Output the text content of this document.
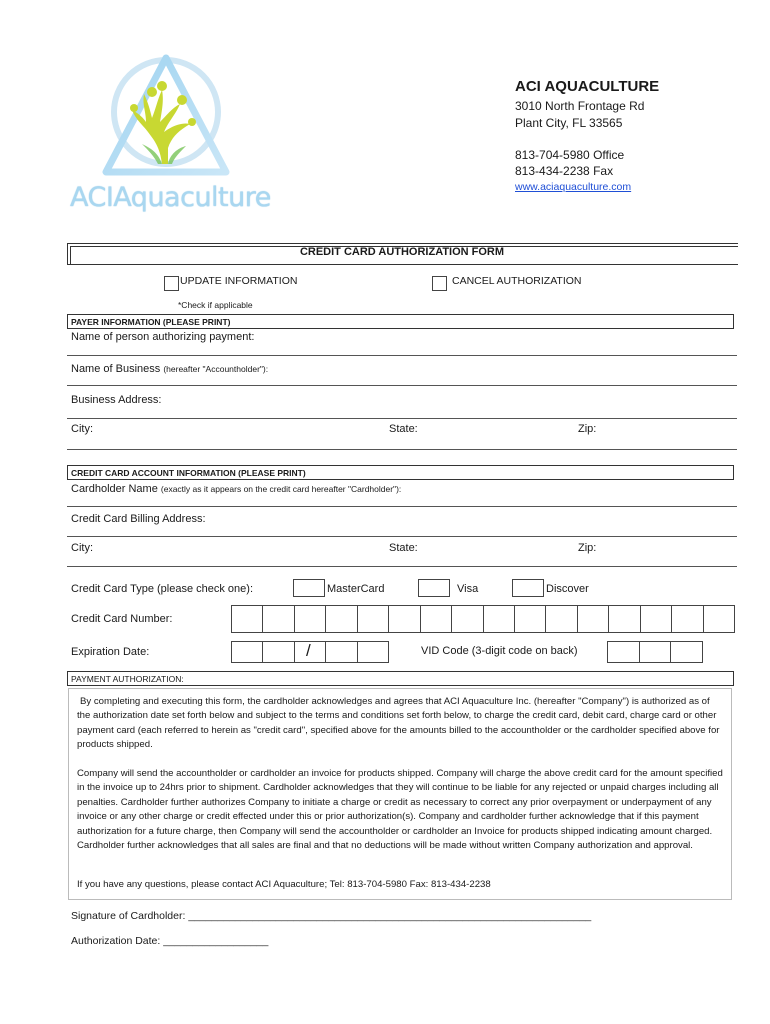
ACIAquaculture
ACI AQUACULTURE
3010 North Frontage Rd
Plant City, FL 33565
813-704-5980 Office
813-434-2238 Fax
www.aciaquaculture.com
CREDIT CARD AUTHORIZATION FORM
UPDATE INFORMATION	CANCEL AUTHORIZATION
*Check if applicable
PAYER INFORMATION (PLEASE PRINT)
Name of person authorizing payment:
Name of Business (hereafter "Accountholder"):
Business Address:
City:	State:	Zip:
CREDIT CARD ACCOUNT INFORMATION (PLEASE PRINT)
Cardholder Name (exactly as it appears on the credit card hereafter "Cardholder"):
Credit Card Billing Address:
City:	State:	Zip:
Credit Card Type (please check one):	MasterCard	Visa	Discover
Credit Card Number:
Expiration Date:	/	VID Code (3-digit code on back)
PAYMENT AUTHORIZATION:
By completing and executing this form, the cardholder acknowledges and agrees that ACI Aquaculture Inc. (hereafter "Company") is authorized as of the authorization date set forth below and subject to the terms and conditions set forth below, to charge the credit card, debit card, charge card or other payment card (each referred to herein as "credit card", specified above for the amounts billed to the accountholder or the cardholder specified above for products shipped.
Company will send the accountholder or cardholder an invoice for products shipped. Company will charge the above credit card for the amount specified in the invoice up to 24hrs prior to shipment. Cardholder acknowledges that they will continue to be liable for any rejected or unpaid charges including all penalties. Cardholder further authorizes Company to initiate a charge or credit as necessary to correct any prior overpayment or underpayment of any invoice or any other charge or credit effected under this or prior authorization(s). Company and cardholder further acknowledge that if this payment authorization for a future charge, then Company will send the accountholder or cardholder an Invoice for products shipped indicating amount charged. Cardholder further acknowledges that all sales are final and that no deductions will be made without written Company authorization and approval.
If you have any questions, please contact ACI Aquaculture; Tel: 813-704-5980 Fax: 813-434-2238
Signature of Cardholder: _____________________________________________________________________
Authorization Date: __________________
